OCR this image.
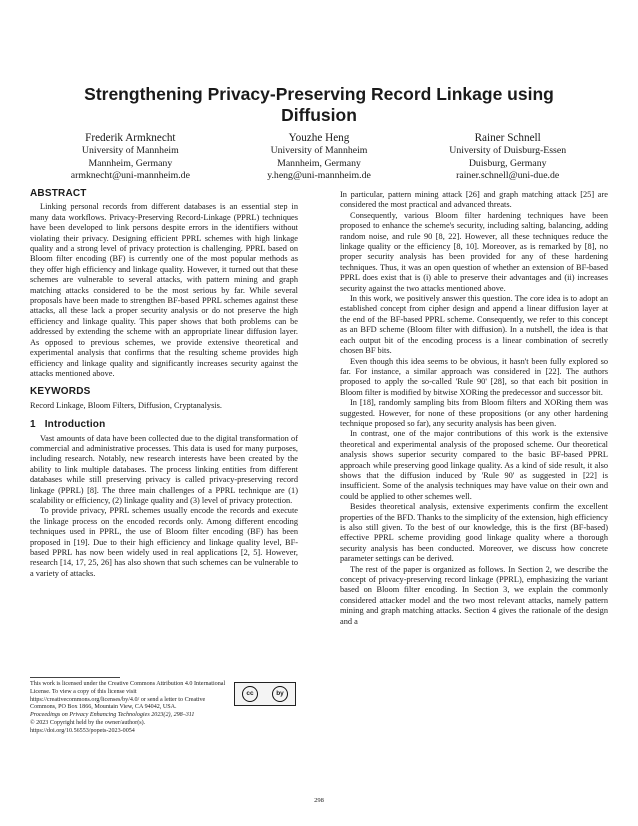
Strengthening Privacy-Preserving Record Linkage using Diffusion
Frederik Armknecht
University of Mannheim
Mannheim, Germany
armknecht@uni-mannheim.de
Youzhe Heng
University of Mannheim
Mannheim, Germany
y.heng@uni-mannheim.de
Rainer Schnell
University of Duisburg-Essen
Duisburg, Germany
rainer.schnell@uni-due.de
ABSTRACT

Linking personal records from different databases is an essential step in many data workflows. Privacy-Preserving Record-Linkage (PPRL) techniques have been developed to link persons despite errors in the identifiers without violating their privacy. Designing efficient PPRL schemes with high linkage quality and a strong level of privacy protection is challenging. PPRL based on Bloom filter encoding (BF) is currently one of the most popular methods as they offer high efficiency and linkage quality. However, it turned out that these schemes are vulnerable to several attacks, with pattern mining and graph matching attacks considered to be the most serious by far. While several proposals have been made to strengthen BF-based PPRL schemes against these attacks, all these lack a proper security analysis or do not preserve the high efficiency and linkage quality. This paper shows that both problems can be addressed by extending the scheme with an appropriate linear diffusion layer. As opposed to previous schemes, we provide extensive theoretical and experimental analysis that confirms that the resulting scheme provides high efficiency and linkage quality and significantly increases security against the attacks mentioned above.

KEYWORDS

Record Linkage, Bloom Filters, Diffusion, Cryptanalysis.

1   Introduction

Vast amounts of data have been collected due to the digital transformation of commercial and administrative processes. This data is used for many purposes, including research. Notably, new research interests have been created by the ability to link multiple databases. The process linking entities from different databases while still preserving privacy is called privacy-preserving record linkage (PPRL) [8]. The three main challenges of a PPRL technique are (1) scalability or efficiency, (2) linkage quality and (3) level of privacy protection.

To provide privacy, PPRL schemes usually encode the records and execute the linkage process on the encoded records only. Among different encoding techniques used in PPRL, the use of Bloom filter encoding (BF) has been proposed in [19]. Due to their high efficiency and linkage quality level, BF-based PPRL has now been widely used in real applications [2, 5]. However, research [14, 17, 25, 26] has also shown that such schemes can be vulnerable to a variety of attacks.

In particular, pattern mining attack [26] and graph matching attack [25] are considered the most practical and advanced threats.

Consequently, various Bloom filter hardening techniques have been proposed to enhance the scheme's security, including salting, balancing, adding random noise, and rule 90 [8, 22]. However, all these techniques reduce the linkage quality or the efficiency [8, 10]. Moreover, as is remarked by [8], no proper security analysis has been provided for any of these hardening techniques. Thus, it was an open question of whether an extension of BF-based PPRL does exist that is (i) able to preserve their advantages and (ii) increases security against the two attacks mentioned above.

In this work, we positively answer this question. The core idea is to adopt an established concept from cipher design and append a linear diffusion layer at the end of the BF-based PPRL scheme. Consequently, we refer to this concept as an BFD scheme (Bloom filter with diffusion). In a nutshell, the idea is that each output bit of the encoding process is a linear combination of secretly chosen BF bits.

Even though this idea seems to be obvious, it hasn't been fully explored so far. For instance, a similar approach was considered in [22]. The authors proposed to apply the so-called 'Rule 90' [28], so that each bit position in Bloom filter is modified by bitwise XORing the predecessor and successor bit.

In [18], randomly sampling bits from Bloom filters and XORing them was suggested. However, for none of these propositions (or any other hardening technique proposed so far), any security analysis has been given.

In contrast, one of the major contributions of this work is the extensive theoretical and experimental analysis of the proposed scheme. Our theoretical analysis shows superior security compared to the basic BF-based PPRL approach while preserving good linkage quality. As a kind of side result, it also shows that the diffusion induced by 'Rule 90' as suggested in [22] is insufficient. Some of the analysis techniques may have value on their own and could be applied to other schemes well.

Besides theoretical analysis, extensive experiments confirm the excellent properties of the BFD. Thanks to the simplicity of the extension, high efficiency is also still given. To the best of our knowledge, this is the first (BF-based) effective PPRL scheme providing good linkage quality where a thorough security analysis has been conducted. Moreover, we discuss how concrete parameter settings can be derived.

The rest of the paper is organized as follows. In Section 2, we describe the concept of privacy-preserving record linkage (PPRL), emphasizing the variant based on Bloom filter encoding. In Section 3, we explain the commonly considered attacker model and the two most relevant attacks, namely pattern mining and graph matching attacks. Section 4 gives the rationale of the design and a

This work is licensed under the Creative Commons Attribution 4.0 International License. To view a copy of this license visit https://creativecommons.org/licenses/by/4.0/ or send a letter to Creative Commons, PO Box 1866, Mountain View, CA 94042, USA.
Proceedings on Privacy Enhancing Technologies 2023(2), 298–311
© 2023 Copyright held by the owner/author(s).
https://doi.org/10.56553/popets-2023-0054
cc	by
298
